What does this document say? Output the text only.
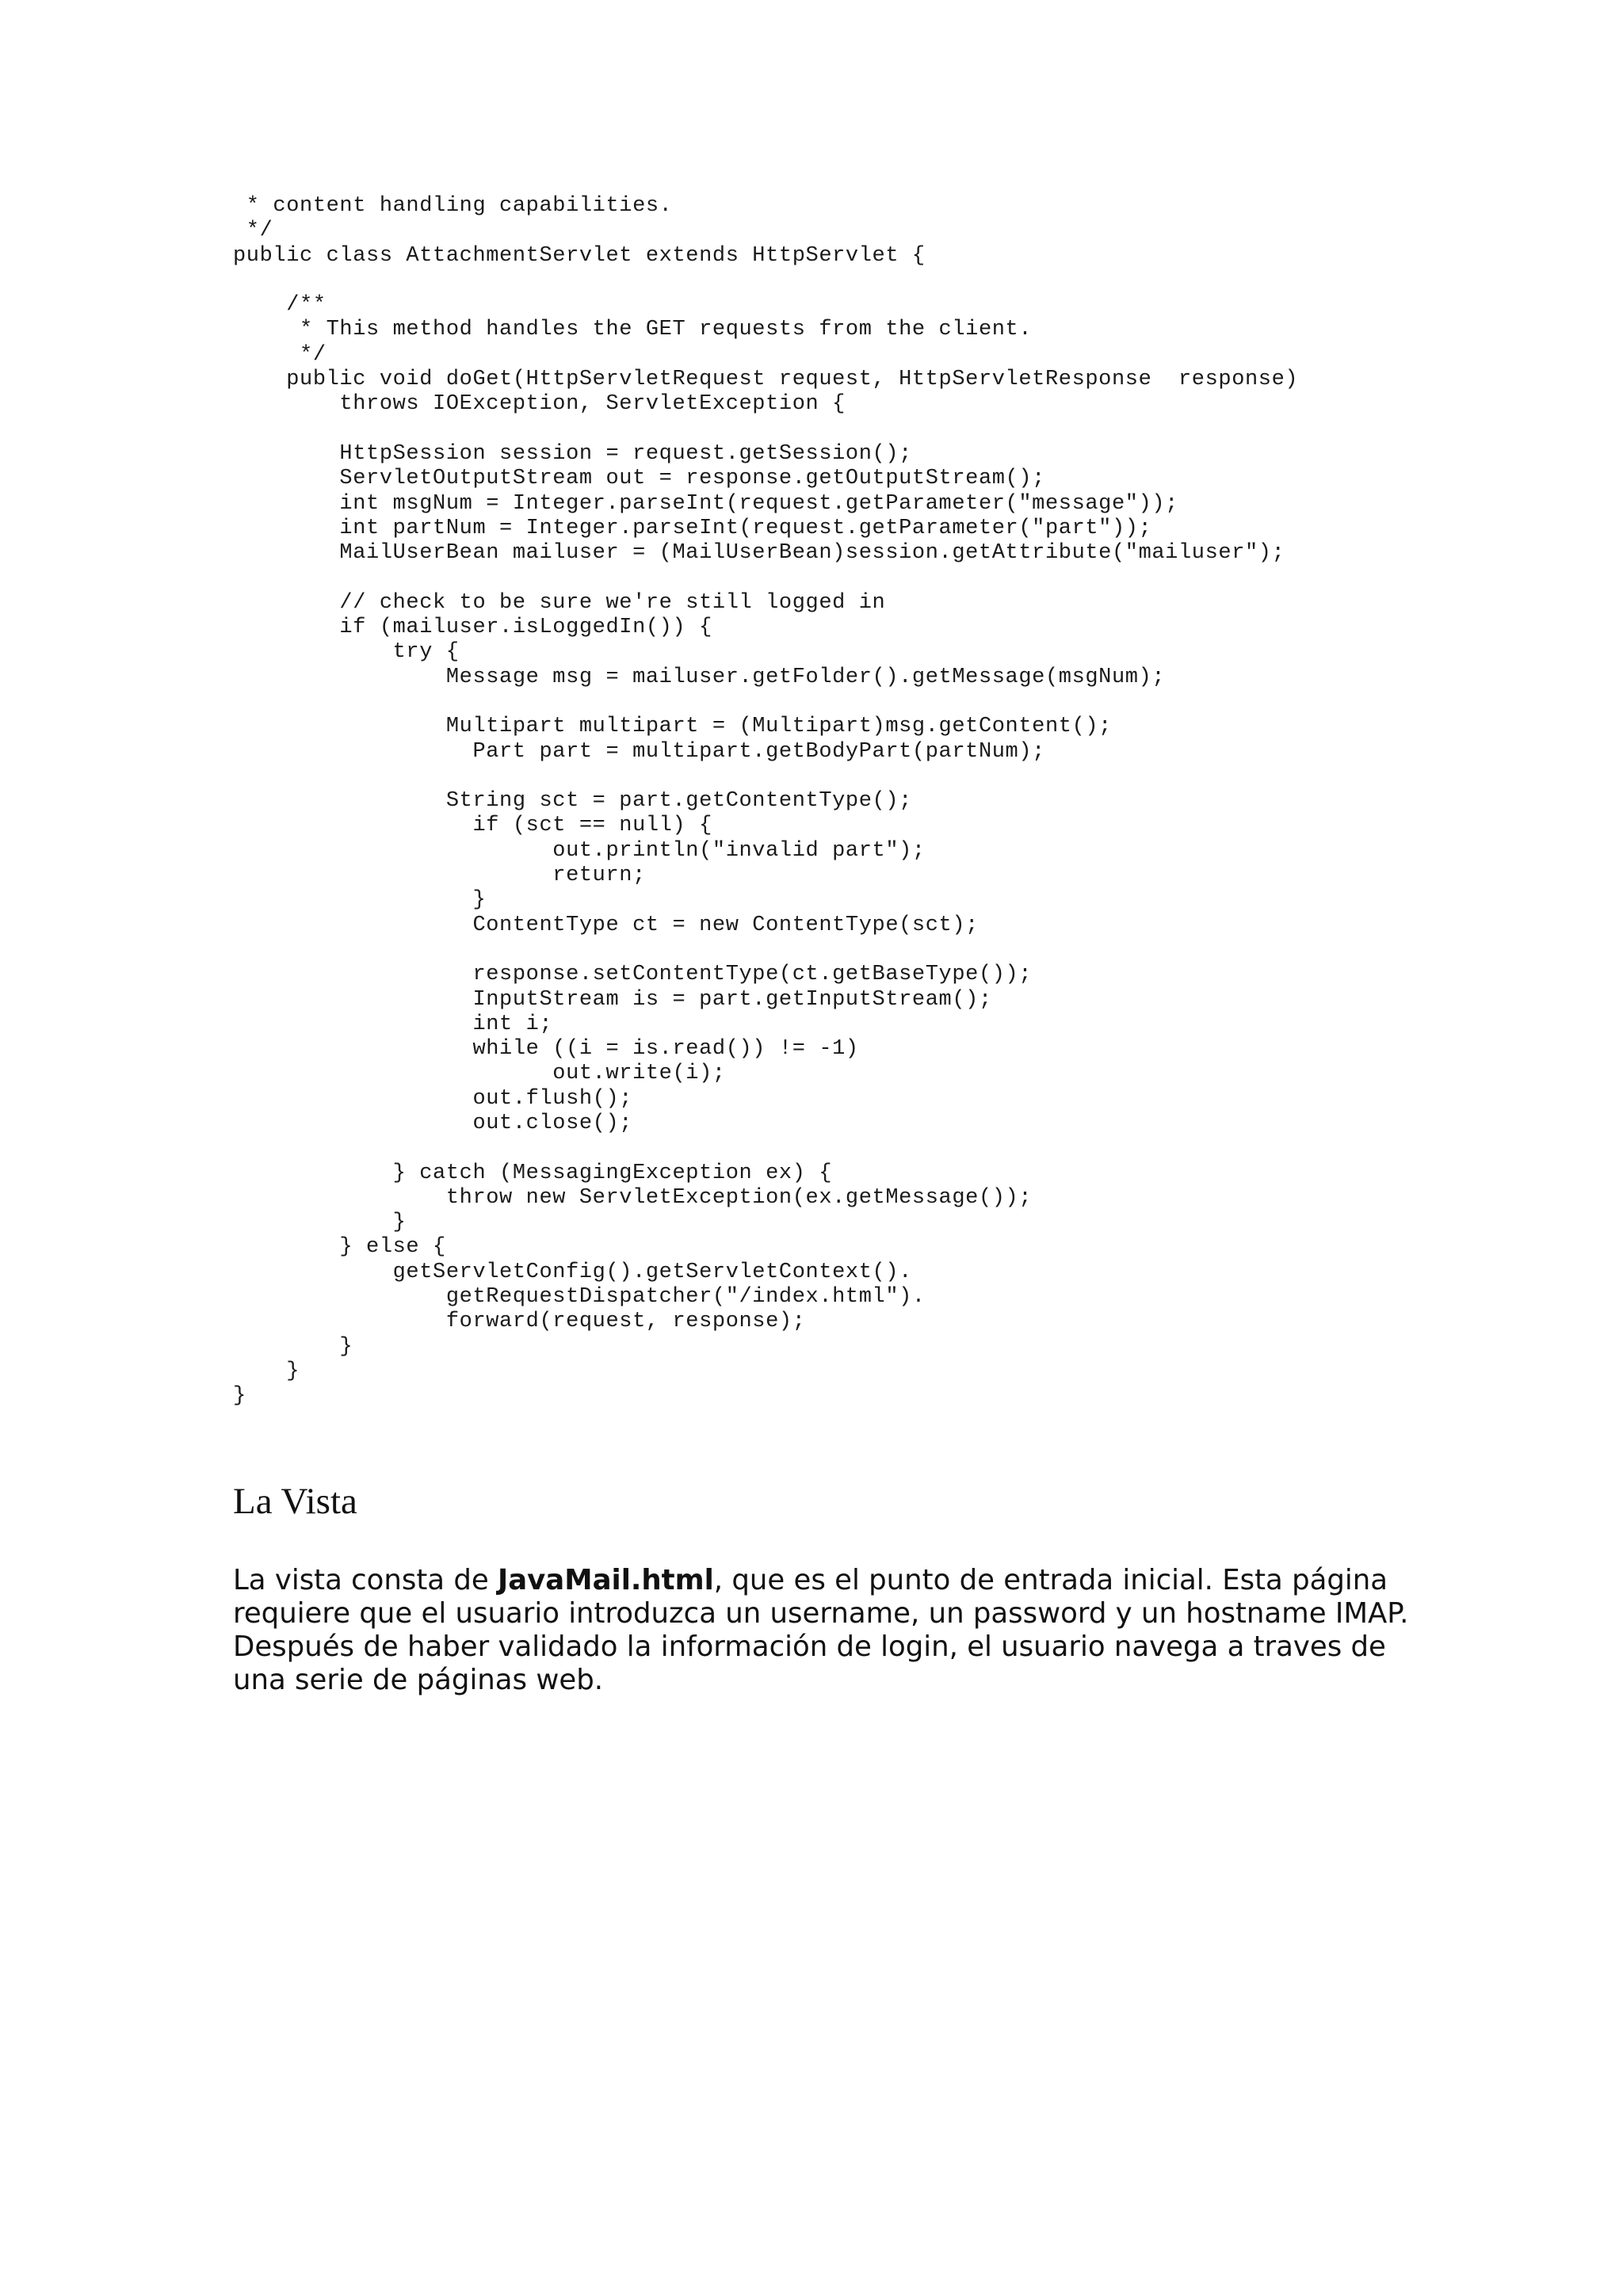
* content handling capabilities.
*/
public class AttachmentServlet extends HttpServlet {
/**
* This method handles the GET requests from the client.
*/
public void doGet(HttpServletRequest request, HttpServletResponse  response)
throws IOException, ServletException {
HttpSession session = request.getSession();
ServletOutputStream out = response.getOutputStream();
int msgNum = Integer.parseInt(request.getParameter("message"));
int partNum = Integer.parseInt(request.getParameter("part"));
MailUserBean mailuser = (MailUserBean)session.getAttribute("mailuser");
// check to be sure we're still logged in
if (mailuser.isLoggedIn()) {
try {
Message msg = mailuser.getFolder().getMessage(msgNum);
Multipart multipart = (Multipart)msg.getContent();
Part part = multipart.getBodyPart(partNum);
String sct = part.getContentType();
if (sct == null) {
out.println("invalid part");
return;
}
ContentType ct = new ContentType(sct);
response.setContentType(ct.getBaseType());
InputStream is = part.getInputStream();
int i;
while ((i = is.read()) != -1)
out.write(i);
out.flush();
out.close();
} catch (MessagingException ex) {
throw new ServletException(ex.getMessage());
}
} else {
getServletConfig().getServletContext().
getRequestDispatcher("/index.html").
forward(request, response);
}
}
}
La Vista

La vista consta de JavaMail.html, que es el punto de entrada inicial. Esta página requiere que el usuario introduzca un username, un password y un hostname IMAP. Después de haber validado la información de login, el usuario navega a traves de una serie de páginas web.
